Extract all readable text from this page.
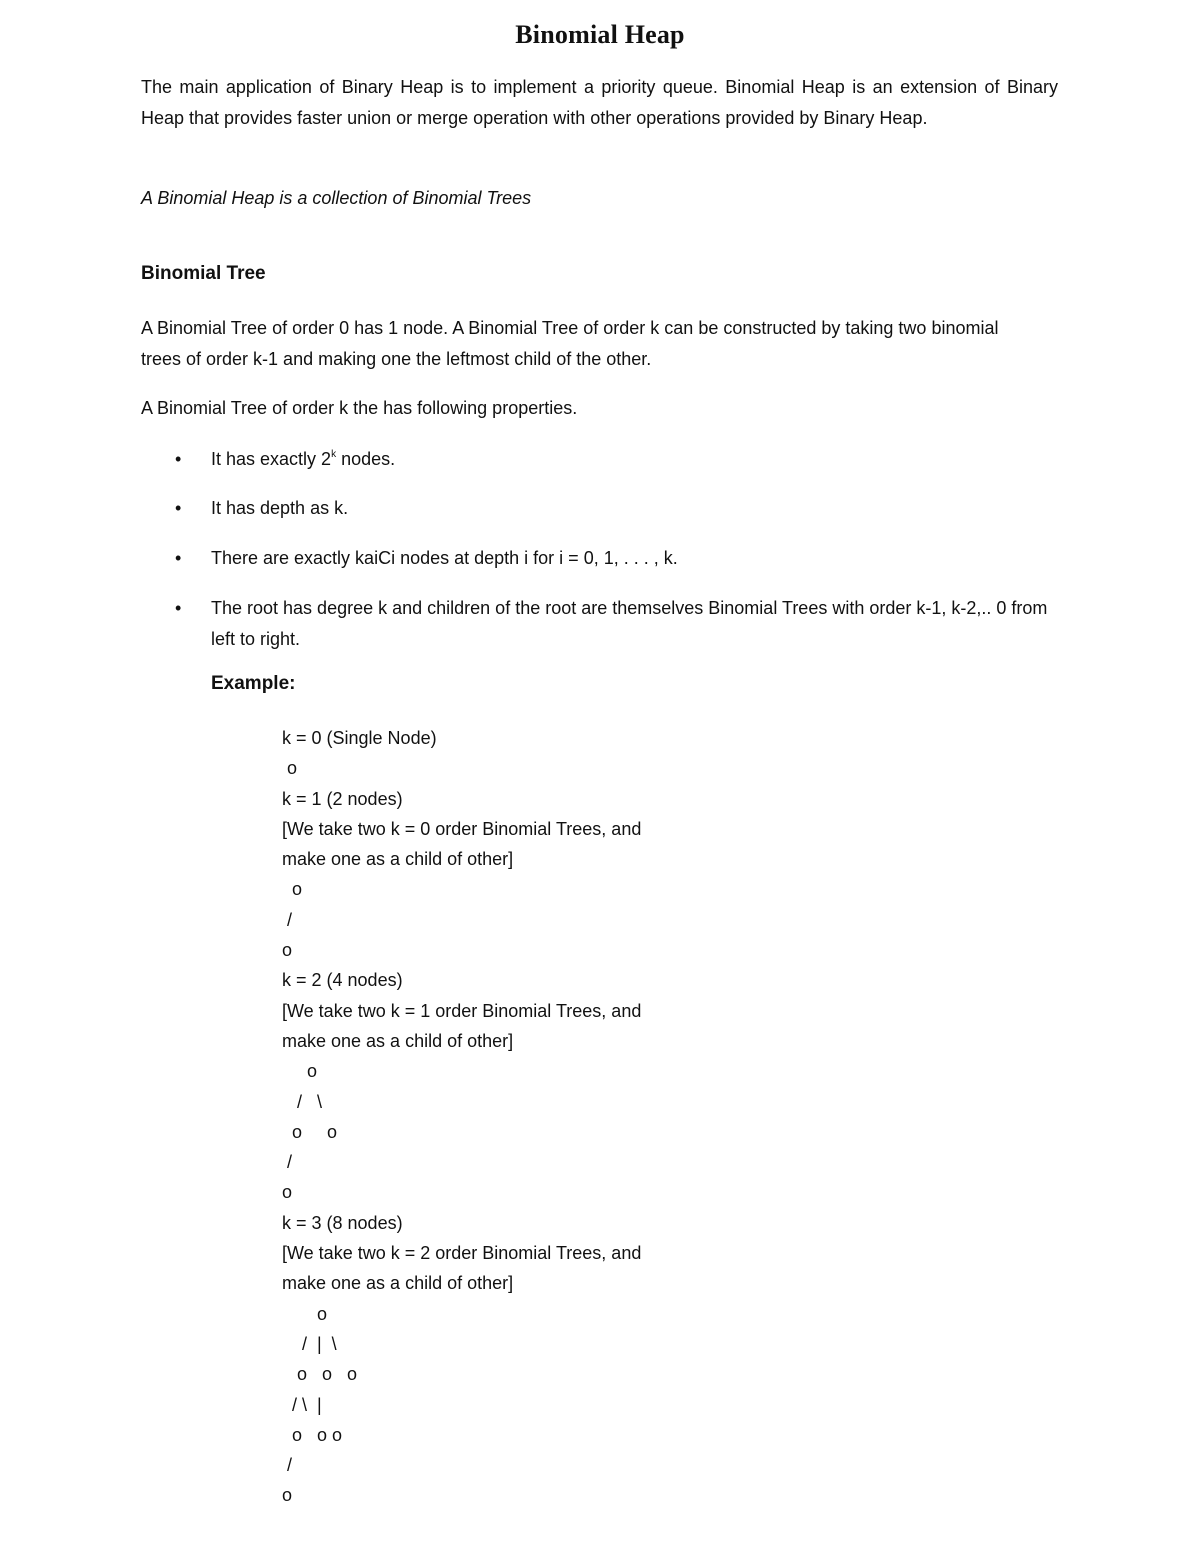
Binomial Heap
The main application of Binary Heap is to implement a priority queue. Binomial Heap is an extension of Binary Heap that provides faster union or merge operation with other operations provided by Binary Heap.
A Binomial Heap is a collection of Binomial Trees
Binomial Tree
A Binomial Tree of order 0 has 1 node. A Binomial Tree of order k can be constructed by taking two binomial trees of order k-1 and making one the leftmost child of the other.
A Binomial Tree of order k the has following properties.
• It has exactly 2$^k$ nodes.
• It has depth as k.
• There are exactly kaiCi nodes at depth i for i = 0, 1, . . . , k.
• The root has degree k and children of the root are themselves Binomial Trees with order k-1, k-2,.. 0 from left to right.
Example:
k = 0 (Single Node)
o
k = 1 (2 nodes)
[We take two k = 0 order Binomial Trees, and
make one as a child of other]
o
/
o
k = 2 (4 nodes)
[We take two k = 1 order Binomial Trees, and
make one as a child of other]
o
/   \
o     o
/
o
k = 3 (8 nodes)
[We take two k = 2 order Binomial Trees, and
make one as a child of other]
o
/  |  \
o   o   o
/ \  |
o   o o
/
o
